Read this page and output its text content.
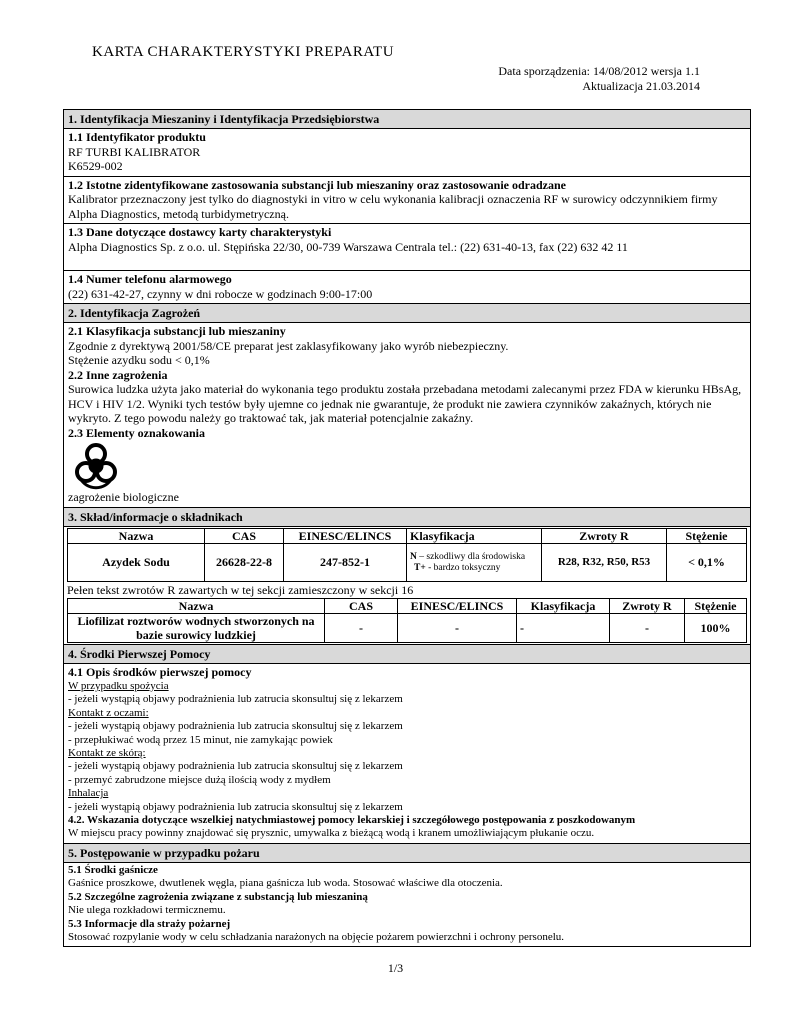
KARTA CHARAKTERYSTYKI PREPARATU
Data sporządzenia: 14/08/2012 wersja 1.1
Aktualizacja 21.03.2014
1. Identyfikacja Mieszaniny i Identyfikacja Przedsiębiorstwa
1.1 Identyfikator produktu
RF TURBI KALIBRATOR
K6529-002
1.2 Istotne zidentyfikowane zastosowania substancji lub mieszaniny oraz zastosowanie odradzane
Kalibrator przeznaczony jest tylko do diagnostyki in vitro w celu wykonania kalibracji oznaczenia RF w surowicy odczynnikiem firmy Alpha Diagnostics, metodą turbidymetryczną.
1.3 Dane dotyczące dostawcy karty charakterystyki
Alpha Diagnostics Sp. z o.o. ul. Stępińska 22/30, 00-739 Warszawa Centrala tel.: (22) 631-40-13, fax (22) 632 42 11
1.4 Numer telefonu alarmowego
(22) 631-42-27, czynny w dni robocze w godzinach 9:00-17:00
2. Identyfikacja Zagrożeń
2.1 Klasyfikacja substancji lub mieszaniny
Zgodnie z dyrektywą 2001/58/CE preparat jest zaklasyfikowany jako wyrób niebezpieczny.
Stężenie azydku sodu < 0,1%
2.2 Inne zagrożenia
Surowica ludzka użyta jako materiał do wykonania tego produktu została przebadana metodami zalecanymi przez FDA w kierunku HBsAg, HCV i HIV 1/2. Wyniki tych testów były ujemne co jednak nie gwarantuje, że produkt nie zawiera czynników zakaźnych, których nie wykryto. Z tego powodu należy go traktować tak, jak materiał potencjalnie zakaźny.
2.3 Elementy oznakowania
zagrożenie biologiczne
3. Skład/informacje o składnikach
Nazwa	CAS	EINESC/ELINCS	Klasyfikacja	Zwroty R	Stężenie
Azydek Sodu	26628-22-8	247-852-1	N – szkodliwy dla środowiska
T+ - bardzo toksyczny	R28, R32, R50, R53	< 0,1%
Pełen tekst zwrotów R zawartych w tej sekcji zamieszczony w sekcji 16
Nazwa	CAS	EINESC/ELINCS	Klasyfikacja	Zwroty R	Stężenie
Liofilizat roztworów wodnych stworzonych na bazie surowicy ludzkiej	-	-	-	-	100%
4. Środki Pierwszej Pomocy
4.1 Opis środków pierwszej pomocy
W przypadku spożycia
- jeżeli wystąpią objawy podrażnienia lub zatrucia skonsultuj się z lekarzem
Kontakt z oczami:
- jeżeli wystąpią objawy podrażnienia lub zatrucia skonsultuj się z lekarzem
- przepłukiwać wodą przez 15 minut, nie zamykając powiek
Kontakt ze skórą:
- jeżeli wystąpią objawy podrażnienia lub zatrucia skonsultuj się z lekarzem
- przemyć zabrudzone miejsce dużą ilością wody z mydłem
Inhalacja
- jeżeli wystąpią objawy podrażnienia lub zatrucia skonsultuj się z lekarzem
4.2. Wskazania dotyczące wszelkiej natychmiastowej pomocy lekarskiej i szczegółowego postępowania z poszkodowanym
W miejscu pracy powinny znajdować się prysznic, umywalka z bieżącą wodą i kranem umożliwiającym płukanie oczu.
5. Postępowanie w przypadku pożaru
5.1 Środki gaśnicze
Gaśnice proszkowe, dwutlenek węgla, piana gaśnicza lub woda. Stosować właściwe dla otoczenia.
5.2 Szczególne zagrożenia związane z substancją lub mieszaniną
Nie ulega rozkładowi termicznemu.
5.3 Informacje dla straży pożarnej
Stosować rozpylanie wody w celu schładzania narażonych na objęcie pożarem powierzchni i ochrony personelu.
1/3
